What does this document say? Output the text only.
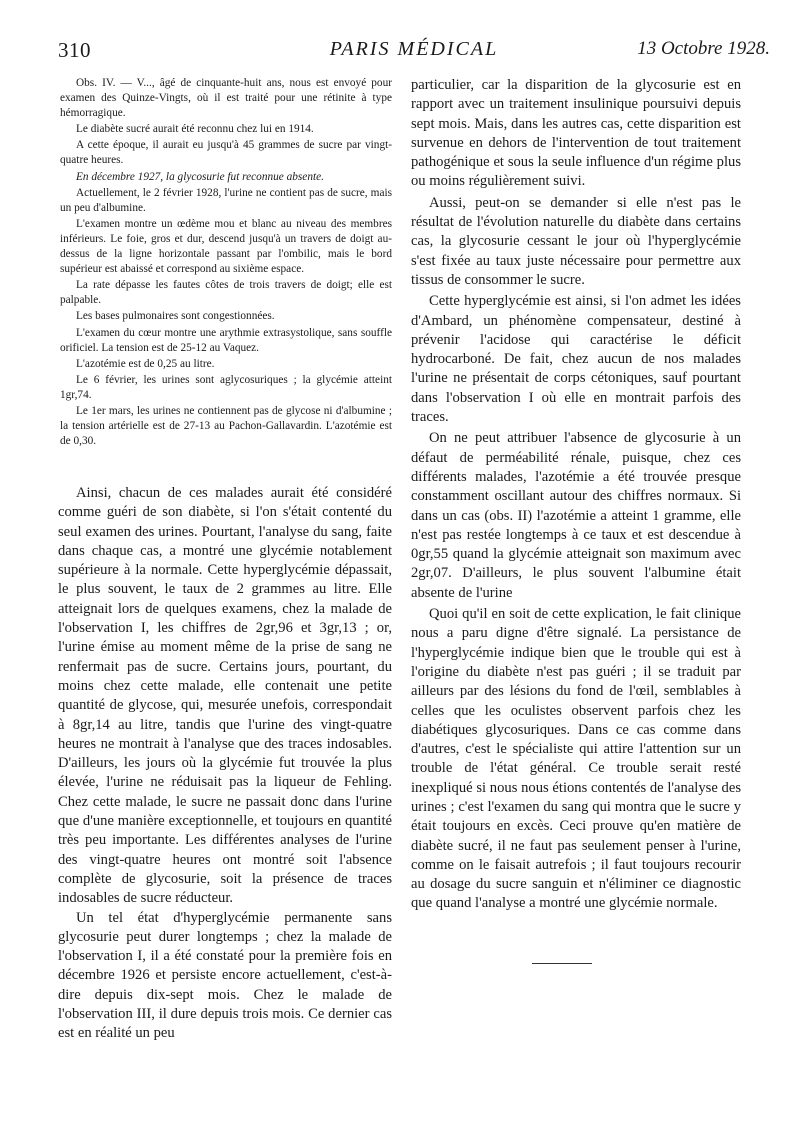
310	PARIS MÉDICAL	13 Octobre 1928.

Obs. IV. — V..., âgé de cinquante-huit ans, nous est envoyé pour examen des Quinze-Vingts, où il est traité pour une rétinite à type hémorragique.

Le diabète sucré aurait été reconnu chez lui en 1914.

A cette époque, il aurait eu jusqu'à 45 grammes de sucre par vingt-quatre heures.

En décembre 1927, la glycosurie fut reconnue absente.

Actuellement, le 2 février 1928, l'urine ne contient pas de sucre, mais un peu d'albumine.

L'examen montre un œdème mou et blanc au niveau des membres inférieurs. Le foie, gros et dur, descend jusqu'à un travers de doigt au-dessus de la ligne horizontale passant par l'ombilic, mais le bord supérieur est abaissé et correspond au sixième espace.

La rate dépasse les fautes côtes de trois travers de doigt; elle est palpable.

Les bases pulmonaires sont congestionnées.

L'examen du cœur montre une arythmie extrasystolique, sans souffle orificiel. La tension est de 25-12 au Vaquez.

L'azotémie est de 0,25 au litre.

Le 6 février, les urines sont aglycosuriques ; la glycémie atteint 1gr,74.

Le 1er mars, les urines ne contiennent pas de glycose ni d'albumine ; la tension artérielle est de 27-13 au Pachon-Gallavardin. L'azotémie est de 0,30.

Ainsi, chacun de ces malades aurait été considéré comme guéri de son diabète, si l'on s'était contenté du seul examen des urines. Pourtant, l'analyse du sang, faite dans chaque cas, a montré une glycémie notablement supérieure à la normale. Cette hyperglycémie dépassait, le plus souvent, le taux de 2 grammes au litre. Elle atteignait lors de quelques examens, chez la malade de l'observation I, les chiffres de 2gr,96 et 3gr,13 ; or, l'urine émise au moment même de la prise de sang ne renfermait pas de sucre. Certains jours, pourtant, du moins chez cette malade, elle contenait une petite quantité de glycose, qui, mesurée unefois, correspondait à 8gr,14 au litre, tandis que l'urine des vingt-quatre heures ne montrait à l'analyse que des traces indosables. D'ailleurs, les jours où la glycémie fut trouvée la plus élevée, l'urine ne réduisait pas la liqueur de Fehling. Chez cette malade, le sucre ne passait donc dans l'urine que d'une manière exceptionnelle, et toujours en quantité très peu importante. Les différentes analyses de l'urine des vingt-quatre heures ont montré soit l'absence complète de glycosurie, soit la présence de traces indosables de sucre réducteur.

Un tel état d'hyperglycémie permanente sans glycosurie peut durer longtemps ; chez la malade de l'observation I, il a été constaté pour la première fois en décembre 1926 et persiste encore actuellement, c'est-à-dire depuis dix-sept mois. Chez le malade de l'observation III, il dure depuis trois mois. Ce dernier cas est en réalité un peu

particulier, car la disparition de la glycosurie est en rapport avec un traitement insulinique poursuivi depuis sept mois. Mais, dans les autres cas, cette disparition est survenue en dehors de l'intervention de tout traitement pathogénique et sous la seule influence d'un régime plus ou moins régulièrement suivi.

Aussi, peut-on se demander si elle n'est pas le résultat de l'évolution naturelle du diabète dans certains cas, la glycosurie cessant le jour où l'hyperglycémie s'est fixée au taux juste nécessaire pour permettre aux tissus de consommer le sucre.

Cette hyperglycémie est ainsi, si l'on admet les idées d'Ambard, un phénomène compensateur, destiné à prévenir l'acidose qui caractérise le déficit hydrocarboné. De fait, chez aucun de nos malades l'urine ne présentait de corps cétoniques, sauf pourtant dans l'observation I où elle en montrait parfois des traces.

On ne peut attribuer l'absence de glycosurie à un défaut de perméabilité rénale, puisque, chez ces différents malades, l'azotémie a été trouvée presque constamment oscillant autour des chiffres normaux. Si dans un cas (obs. II) l'azotémie a atteint 1 gramme, elle n'est pas restée longtemps à ce taux et est descendue à 0gr,55 quand la glycémie atteignait son maximum avec 2gr,07. D'ailleurs, le plus souvent l'albumine était absente de l'urine

Quoi qu'il en soit de cette explication, le fait clinique nous a paru digne d'être signalé. La persistance de l'hyperglycémie indique bien que le trouble qui est à l'origine du diabète n'est pas guéri ; il se traduit par ailleurs par des lésions du fond de l'œil, semblables à celles que les oculistes observent parfois chez les diabétiques glycosuriques. Dans ce cas comme dans d'autres, c'est le spécialiste qui attire l'attention sur un trouble de l'état général. Ce trouble serait resté inexpliqué si nous nous étions contentés de l'analyse des urines ; c'est l'examen du sang qui montra que le sucre y était toujours en excès. Ceci prouve qu'en matière de diabète sucré, il ne faut pas seulement penser à l'urine, comme on le faisait autrefois ; il faut toujours recourir au dosage du sucre sanguin et n'éliminer ce diagnostic que quand l'analyse a montré une glycémie normale.
